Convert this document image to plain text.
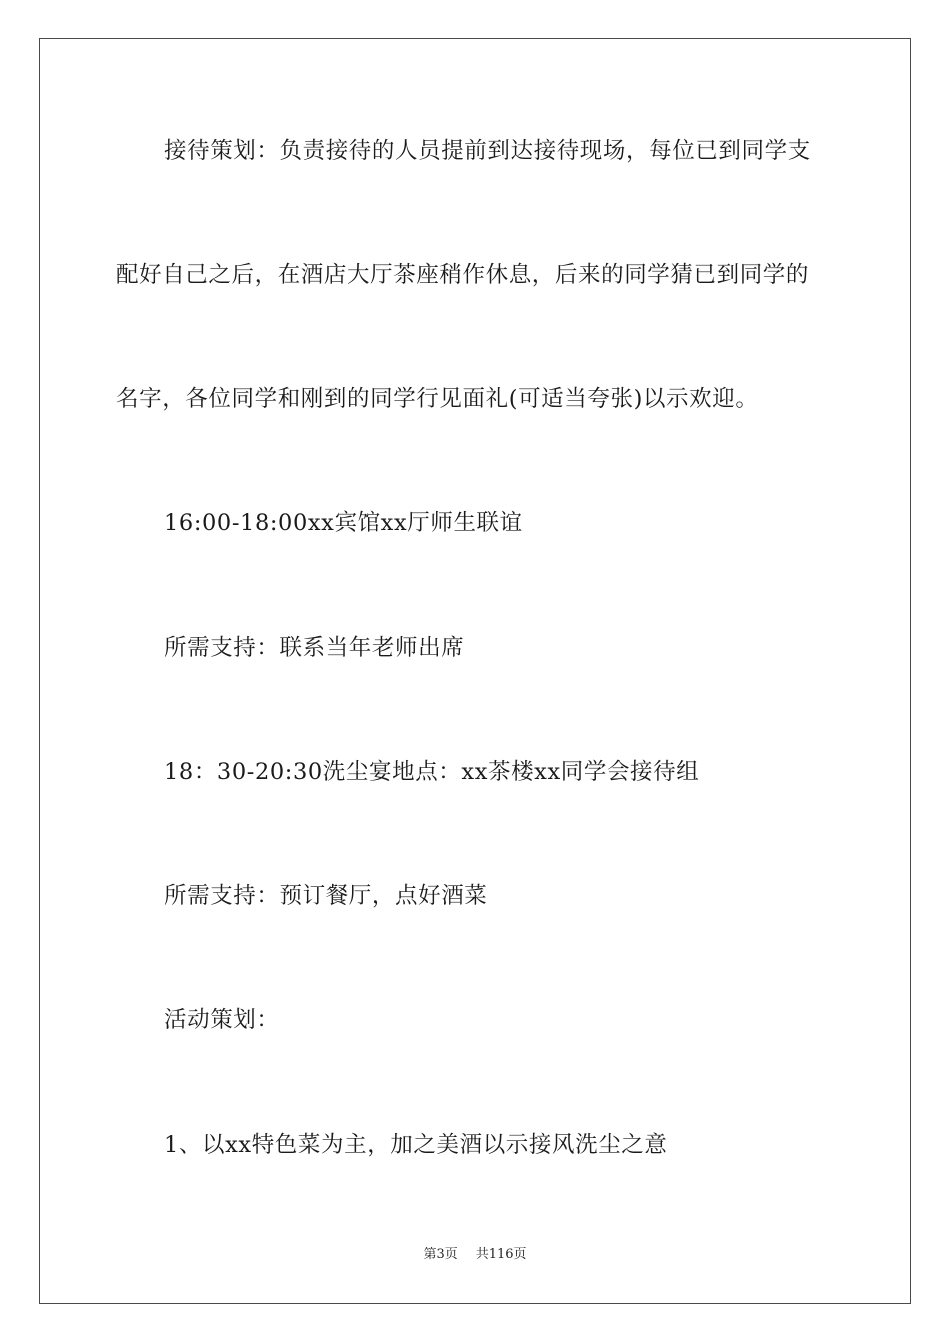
接待策划：负责接待的人员提前到达接待现场，每位已到同学支
配好自己之后，在酒店大厅茶座稍作休息，后来的同学猜已到同学的
名字，各位同学和刚到的同学行见面礼(可适当夸张)以示欢迎。
16:00-18:00xx宾馆xx厅师生联谊
所需支持：联系当年老师出席
18：30-20:30洗尘宴地点：xx茶楼xx同学会接待组
所需支持：预订餐厅，点好酒菜
活动策划：
1、以xx特色菜为主，加之美酒以示接风洗尘之意
第3页 共116页
